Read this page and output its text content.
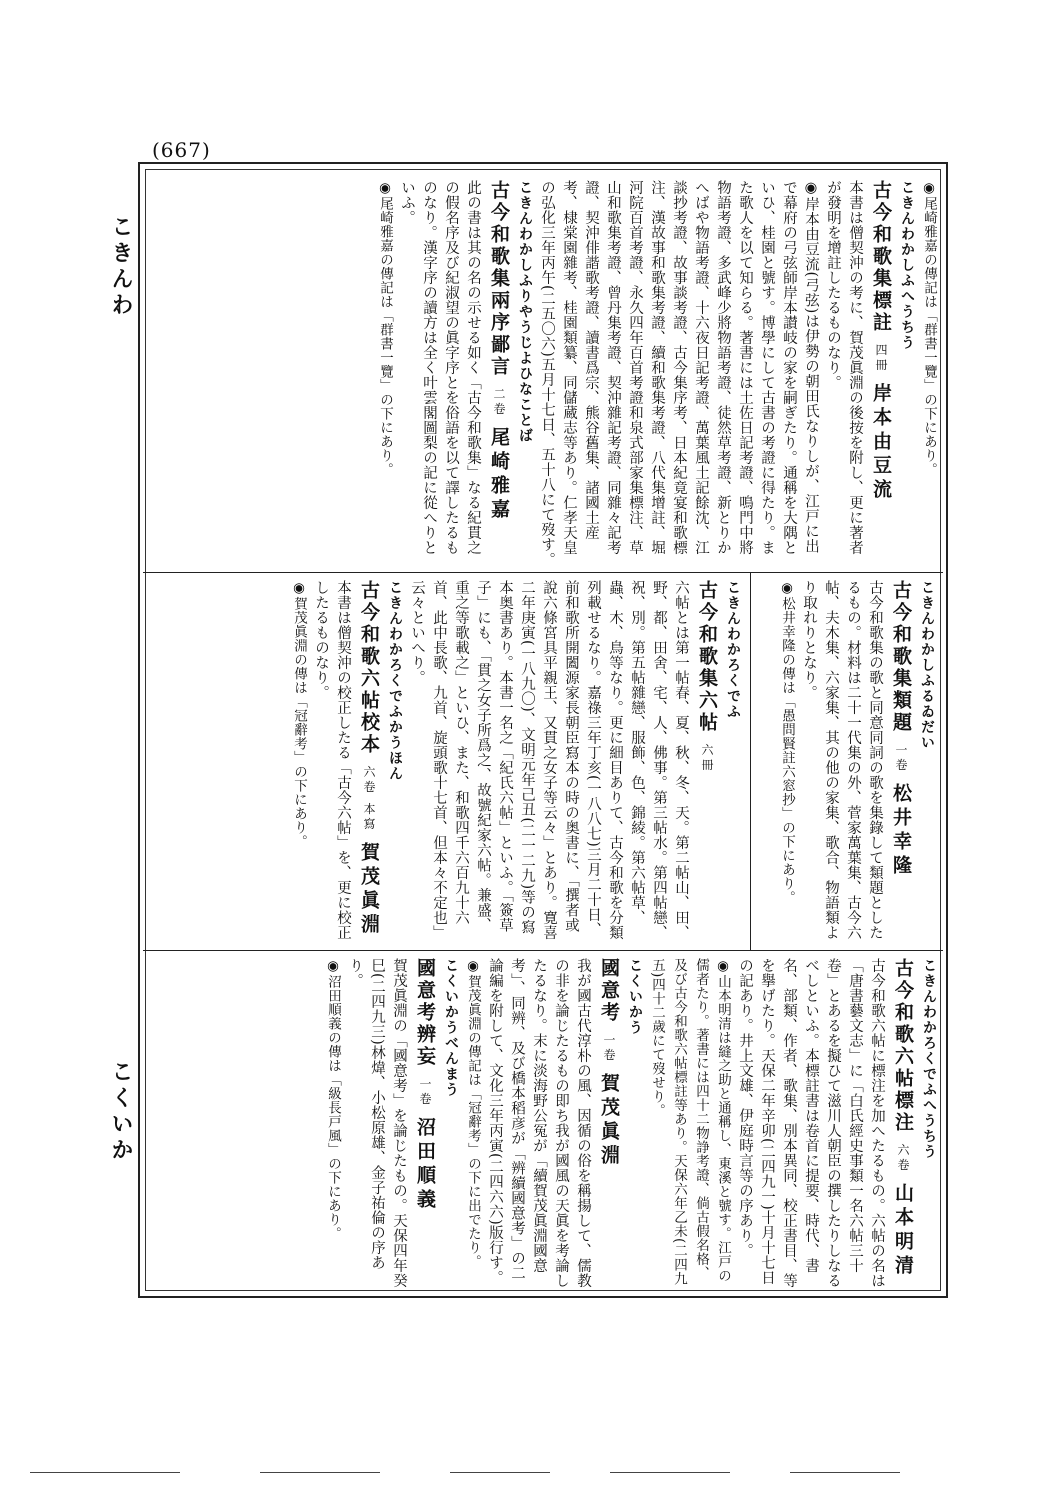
(667)
こきんわ
こくいか

◉尾崎雅嘉の傳記は「群書一覽」の下にあり。

こきんわかしふへうちう

古今和歌集標註 四冊 岸本由豆流

本書は僧契沖の考に、賀茂眞淵の後按を附し、更に著者が發明を增註したるものなり。

◉岸本由豆流(弓弦)は伊勢の朝田氏なりしが、江戸に出で幕府の弓弦師岸本讃岐の家を嗣ぎたり。通稱を大隅といひ、桂園と號す。博學にして古書の考證に得たり。また歌人を以て知らる。著書には土佐日記考證、鳴門中將物語考證、多武峰少將物語考證、徒然草考證、新とりかへばや物語考證、十六夜日記考證、萬葉風土記餘沈、江談抄考證、故事談考證、古今集序考、日本紀竟宴和歌標注、漢故事和歌集考證、續和歌集考證、八代集增註、堀河院百首考證、永久四年百首考證和泉式部家集標注、草山和歌集考證、曾丹集考證、契沖雜記考證、同雜々記考證、契沖俳諧歌考證、讀書爲宗、熊谷舊集、諸國土産考、棣棠園雜考、桂園類纂、同儲蔵志等あり。仁孝天皇の弘化三年丙午(二五〇六)五月十七日、五十八にて歿す。

こきんわかしふりやうじよひなことば

古今和歌集兩序鄙言 二卷 尾崎雅嘉

此の書は其の名の示せる如く「古今和歌集」なる紀貫之の假名序及び紀淑望の眞字序とを俗語を以て譯したるものなり。漢字序の讀方は全く叶雲閣圖梨の記に從へりといふ。

◉尾崎雅嘉の傳記は「群書一覽」の下にあり。

こきんわかしふるゐだい

古今和歌集類題 一卷 松井幸隆

古今和歌集の歌と同意同詞の歌を集錄して類題としたるもの。材料は二十一代集の外、菅家萬葉集、古今六帖、夫木集、六家集、其の他の家集、歌合、物語類より取れりとなり。

◉松井幸隆の傳は「愚問賢註六窓抄」の下にあり。

こきんわかろくでふ

古今和歌集六帖 六冊

六帖とは第一帖春、夏、秋、冬、天。第二帖山、田、野、都、田舍、宅、人、佛事。第三帖水。第四帖戀、祝、別。第五帖雜戀、服飾、色、錦綾。第六帖草、蟲、木、鳥等なり。更に細目ありて、古今和歌を分類列載せるなり。嘉祿三年丁亥(一八八七)三月二十日、前和歌所開闔源家長朝臣寫本の時の奥書に、「撰者或說六條宮具平親王、又貫之女子等云々」とあり。寛喜二年庚寅(一八九〇)、文明元年己丑(二一二九)等の寫本奥書あり。本書一名之「紀氏六帖」といふ。「簽草子」にも、「貫之女子所爲之、故號紀家六帖。兼盛、重之等歌載之」といひ、また、和歌四千六百九十六首、此中長歌、九首、旋頭歌十七首、但本々不定也」云々といへり。

こきんわかろくでふかうほん

古今和歌六帖校本 六卷 本寫 賀茂眞淵

本書は僧契沖の校正したる「古今六帖」を、更に校正したるものなり。

◉賀茂眞淵の傳は「冠辭考」の下にあり。

こきんわかろくでふへうちう

古今和歌六帖標注 六卷 山本明清

古今和歌六帖に標注を加へたるもの。六帖の名は「唐書藝文志」に「白氏經史事類一名六帖三十卷」とあるを擬ひて滋川人朝臣の撰したりしなるべしといふ。本標註書は卷首に提要、時代、書名、部類、作者、歌集、別本異同、校正書目、等を擧げたり。天保二年辛卯(二四九一)十月十七日の記あり。井上文雄、伊庭時言等の序あり。

◉山本明清は縫之助と通稱し、東溪と號す。江戸の儒者たり。著書には四十二物諍考證、倘古假名格、及び古今和歌六帖標註等あり。天保六年乙未(二四九五)四十二歲にて歿せり。

こくいかう

國意考 一卷 賀茂眞淵

我が國古代淳朴の風、因循の俗を稱揚して、儒教の非を論じたるもの即ち我が國風の天眞を考論したるなり。末に淡海野公冤が「續賀茂眞淵國意考」、同辨、及び橋本稻彦が「辨續國意考」の二論編を附して、文化三年丙寅(二四六六)版行す。

◉賀茂眞淵の傳記は「冠辭考」の下に出でたり。

こくいかうべんまう

國意考辨妄 一卷 沼田順義

賀茂眞淵の「國意考」を論じたもの。天保四年癸巳(二四九三)林煒、小松原雄、金子祐倫の序あり。

◉沼田順義の傳は「級長戸風」の下にあり。
